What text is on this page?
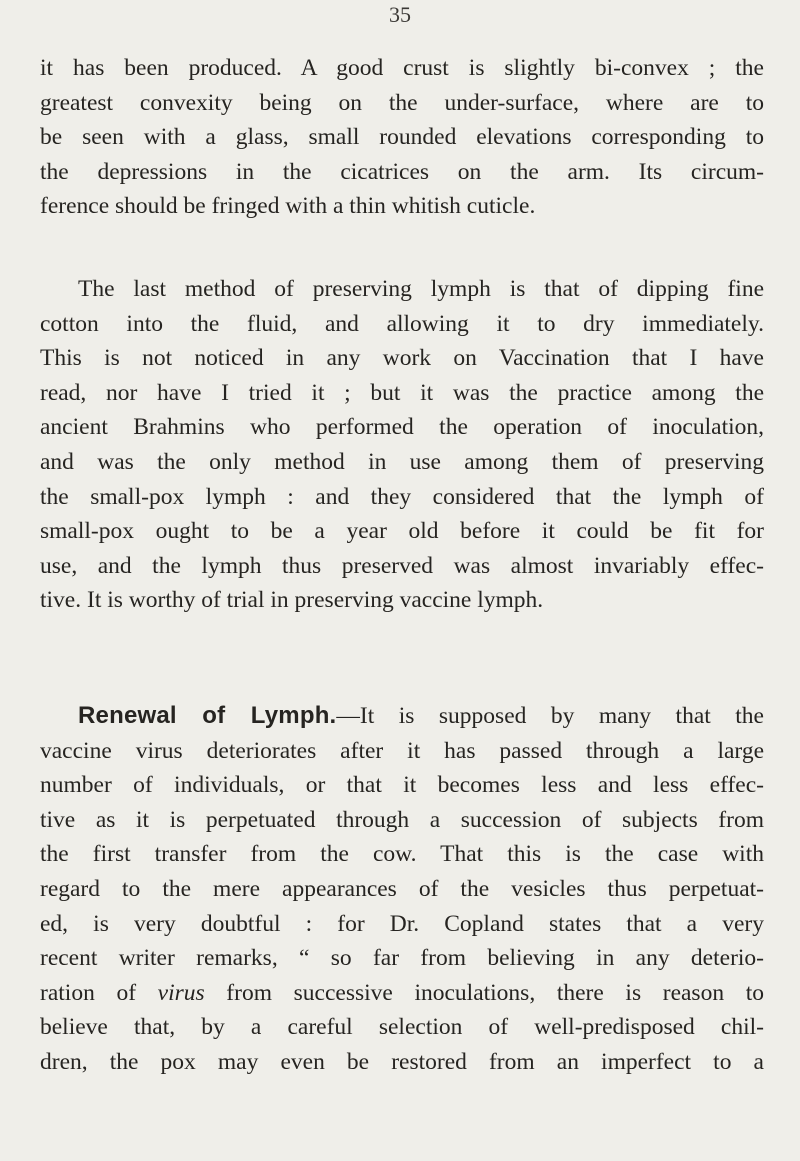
35
it has been produced. A good crust is slightly bi-convex ; the
greatest convexity being on the under-surface, where are to
be seen with a glass, small rounded elevations corresponding to
the depressions in the cicatrices on the arm. Its circum-
ference should be fringed with a thin whitish cuticle.
The last method of preserving lymph is that of dipping fine
cotton into the fluid, and allowing it to dry immediately.
This is not noticed in any work on Vaccination that I have
read, nor have I tried it ; but it was the practice among the
ancient Brahmins who performed the operation of inoculation,
and was the only method in use among them of preserving
the small-pox lymph : and they considered that the lymph of
small-pox ought to be a year old before it could be fit for
use, and the lymph thus preserved was almost invariably effec-
tive. It is worthy of trial in preserving vaccine lymph.
Renewal of Lymph.—It is supposed by many that the
vaccine virus deteriorates after it has passed through a large
number of individuals, or that it becomes less and less effec-
tive as it is perpetuated through a succession of subjects from
the first transfer from the cow. That this is the case with
regard to the mere appearances of the vesicles thus perpetuat-
ed, is very doubtful : for Dr. Copland states that a very
recent writer remarks, “ so far from believing in any deterio-
ration of virus from successive inoculations, there is reason to
believe that, by a careful selection of well-predisposed chil-
dren, the pox may even be restored from an imperfect to a
